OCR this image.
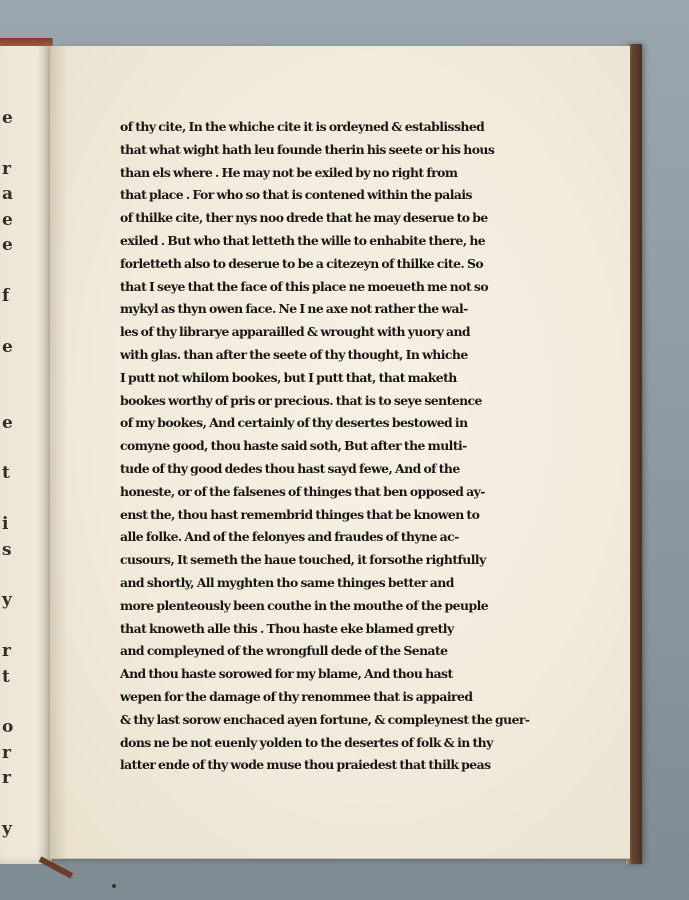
e
r
a
e
e
f
e
e
t
i
s
y
r
t
o
r
r
y
of thy cite, In the whiche cite it is ordeyned & establisshed
that what wight hath leu founde therin his seete or his hous
than els where . He may not be exiled by no right from
that place . For who so that is contened within the palais
of thilke cite, ther nys noo drede that he may deserue to be
exiled . But who that letteth the wille to enhabite there, he
forletteth also to deserue to be a citezeyn of thilke cite. So
that I seye that the face of this place ne moeueth me not so
mykyl as thyn owen face. Ne I ne axe not rather the wal-
les of thy librarye apparailled & wrought with yuory and
with glas. than after the seete of thy thought, In whiche
I putt not whilom bookes, but I putt that, that maketh
bookes worthy of pris or precious. that is to seye sentence
of my bookes, And certainly of thy desertes bestowed in
comyne good, thou haste said soth, But after the multi-
tude of thy good dedes thou hast sayd fewe, And of the
honeste, or of the falsenes of thinges that ben opposed ay-
enst the, thou hast remembrid thinges that be knowen to
alle folke. And of the felonyes and fraudes of thyne ac-
cusours, It semeth the haue touched, it forsothe rightfully
and shortly, All myghten tho same thinges better and
more plenteously been couthe in the mouthe of the peuple
that knoweth alle this . Thou haste eke blamed gretly
and compleyned of the wrongfull dede of the Senate
And thou haste sorowed for my blame, And thou hast
wepen for the damage of thy renommee that is appaired
& thy last sorow enchaced ayen fortune, & compleynest the guer-
dons ne be not euenly yolden to the desertes of folk & in thy
latter ende of thy wode muse thou praiedest that thilk peas
